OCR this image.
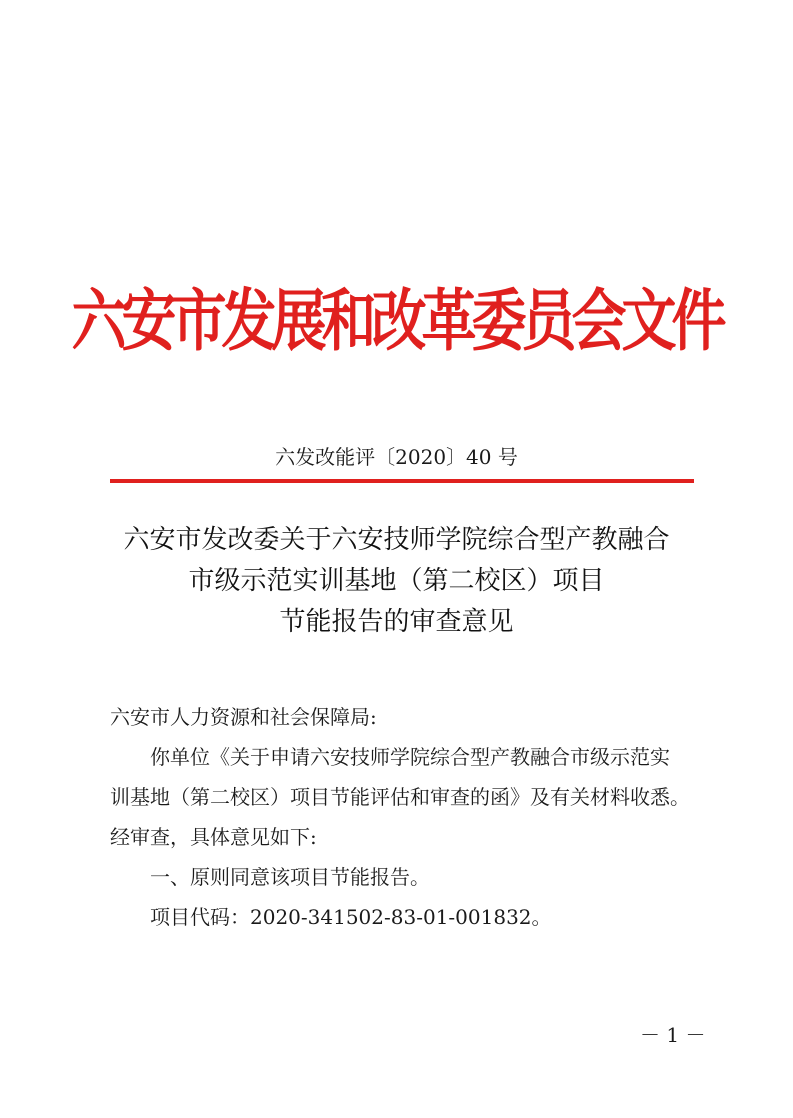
六安市发展和改革委员会文件
六发改能评〔2020〕40 号
六安市发改委关于六安技师学院综合型产教融合
市级示范实训基地（第二校区）项目
节能报告的审查意见

六安市人力资源和社会保障局:

你单位《关于申请六安技师学院综合型产教融合市级示范实

训基地（第二校区）项目节能评估和审查的函》及有关材料收悉。

经审查，具体意见如下:

一、原则同意该项目节能报告。

项目代码：2020-341502-83-01-001832。

－ 1 －
